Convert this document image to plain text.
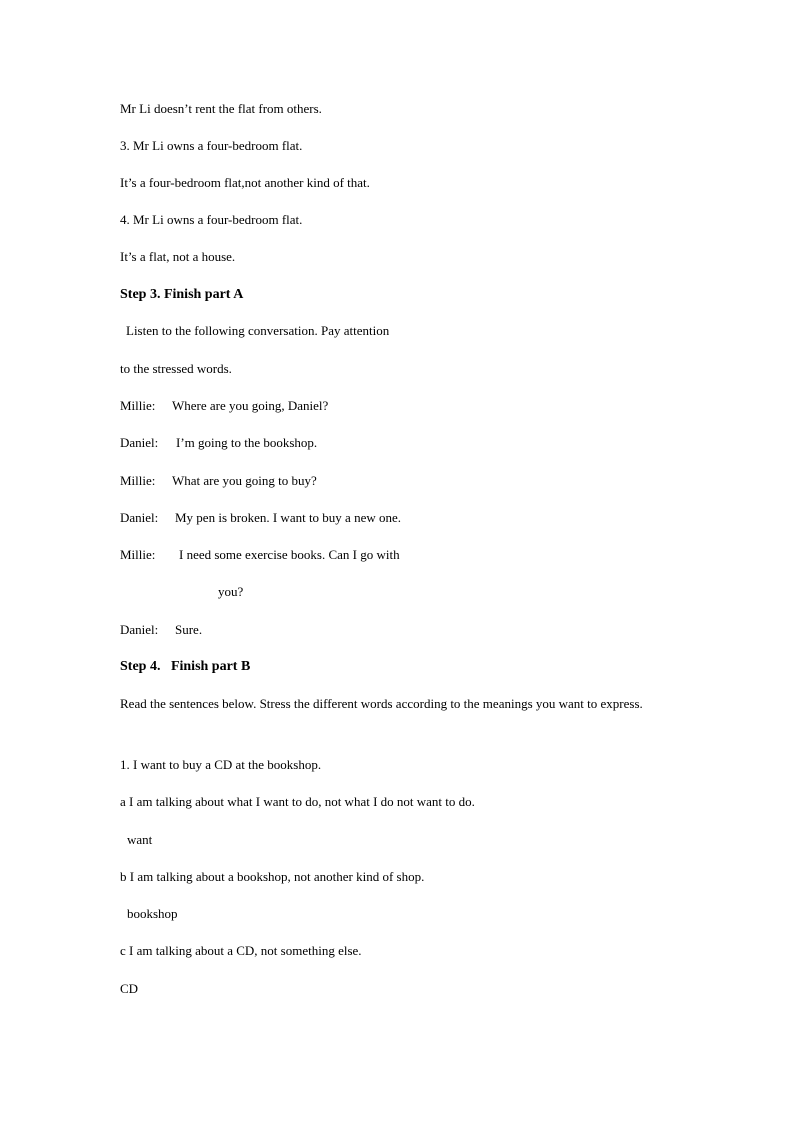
Mr Li doesn’t rent the flat from others.
3. Mr Li owns a four-bedroom flat.
It’s a four-bedroom flat,not another kind of that.
4. Mr Li owns a four-bedroom flat.
It’s a flat, not a house.
Step 3. Finish part A
Listen to the following conversation. Pay attention
to the stressed words.
Millie: Where are you going, Daniel?
Daniel: I’m going to the bookshop.
Millie: What are you going to buy?
Daniel: My pen is broken. I want to buy a new one.
Millie: I need some exercise books. Can I go with
you?
Daniel: Sure.
Step 4.   Finish part B
Read the sentences below. Stress the different words according to the meanings you want to express.
1. I want to buy a CD at the bookshop.
a I am talking about what I want to do, not what I do not want to do.
want
b I am talking about a bookshop, not another kind of shop.
bookshop
c I am talking about a CD, not something else.
CD
